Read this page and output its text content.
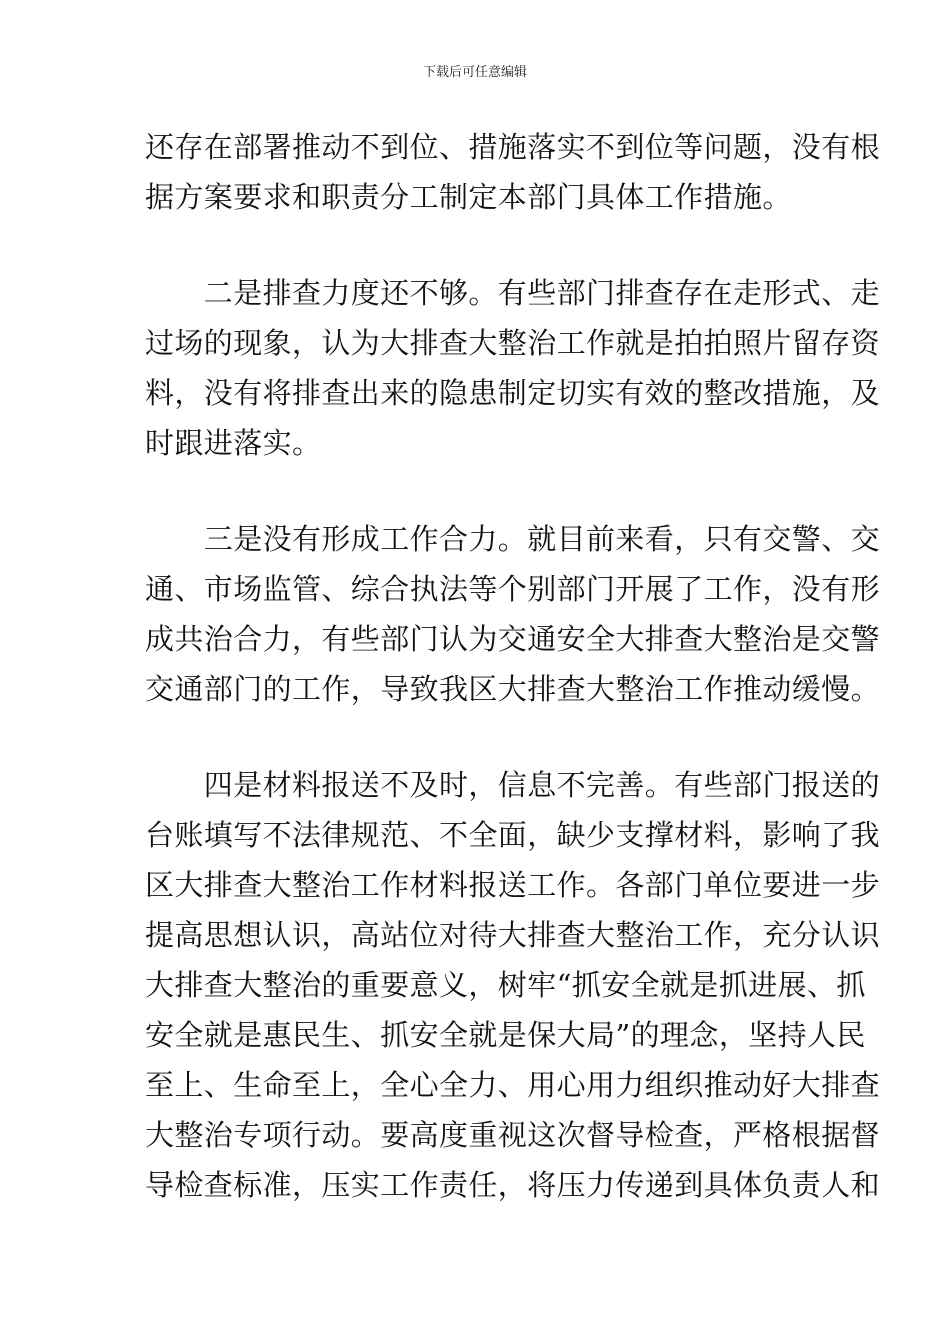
下载后可任意编辑
还存在部署推动不到位、措施落实不到位等问题，没有根
据方案要求和职责分工制定本部门具体工作措施。
　　二是排查力度还不够。有些部门排查存在走形式、走
过场的现象，认为大排查大整治工作就是拍拍照片留存资
料，没有将排查出来的隐患制定切实有效的整改措施，及
时跟进落实。
　　三是没有形成工作合力。就目前来看，只有交警、交
通、市场监管、综合执法等个别部门开展了工作，没有形
成共治合力，有些部门认为交通安全大排查大整治是交警
交通部门的工作，导致我区大排查大整治工作推动缓慢。
　　四是材料报送不及时，信息不完善。有些部门报送的
台账填写不法律规范、不全面，缺少支撑材料，影响了我
区大排查大整治工作材料报送工作。各部门单位要进一步
提高思想认识，高站位对待大排查大整治工作，充分认识
大排查大整治的重要意义，树牢“抓安全就是抓进展、抓
安全就是惠民生、抓安全就是保大局”的理念，坚持人民
至上、生命至上，全心全力、用心用力组织推动好大排查
大整治专项行动。要高度重视这次督导检查，严格根据督
导检查标准，压实工作责任，将压力传递到具体负责人和
